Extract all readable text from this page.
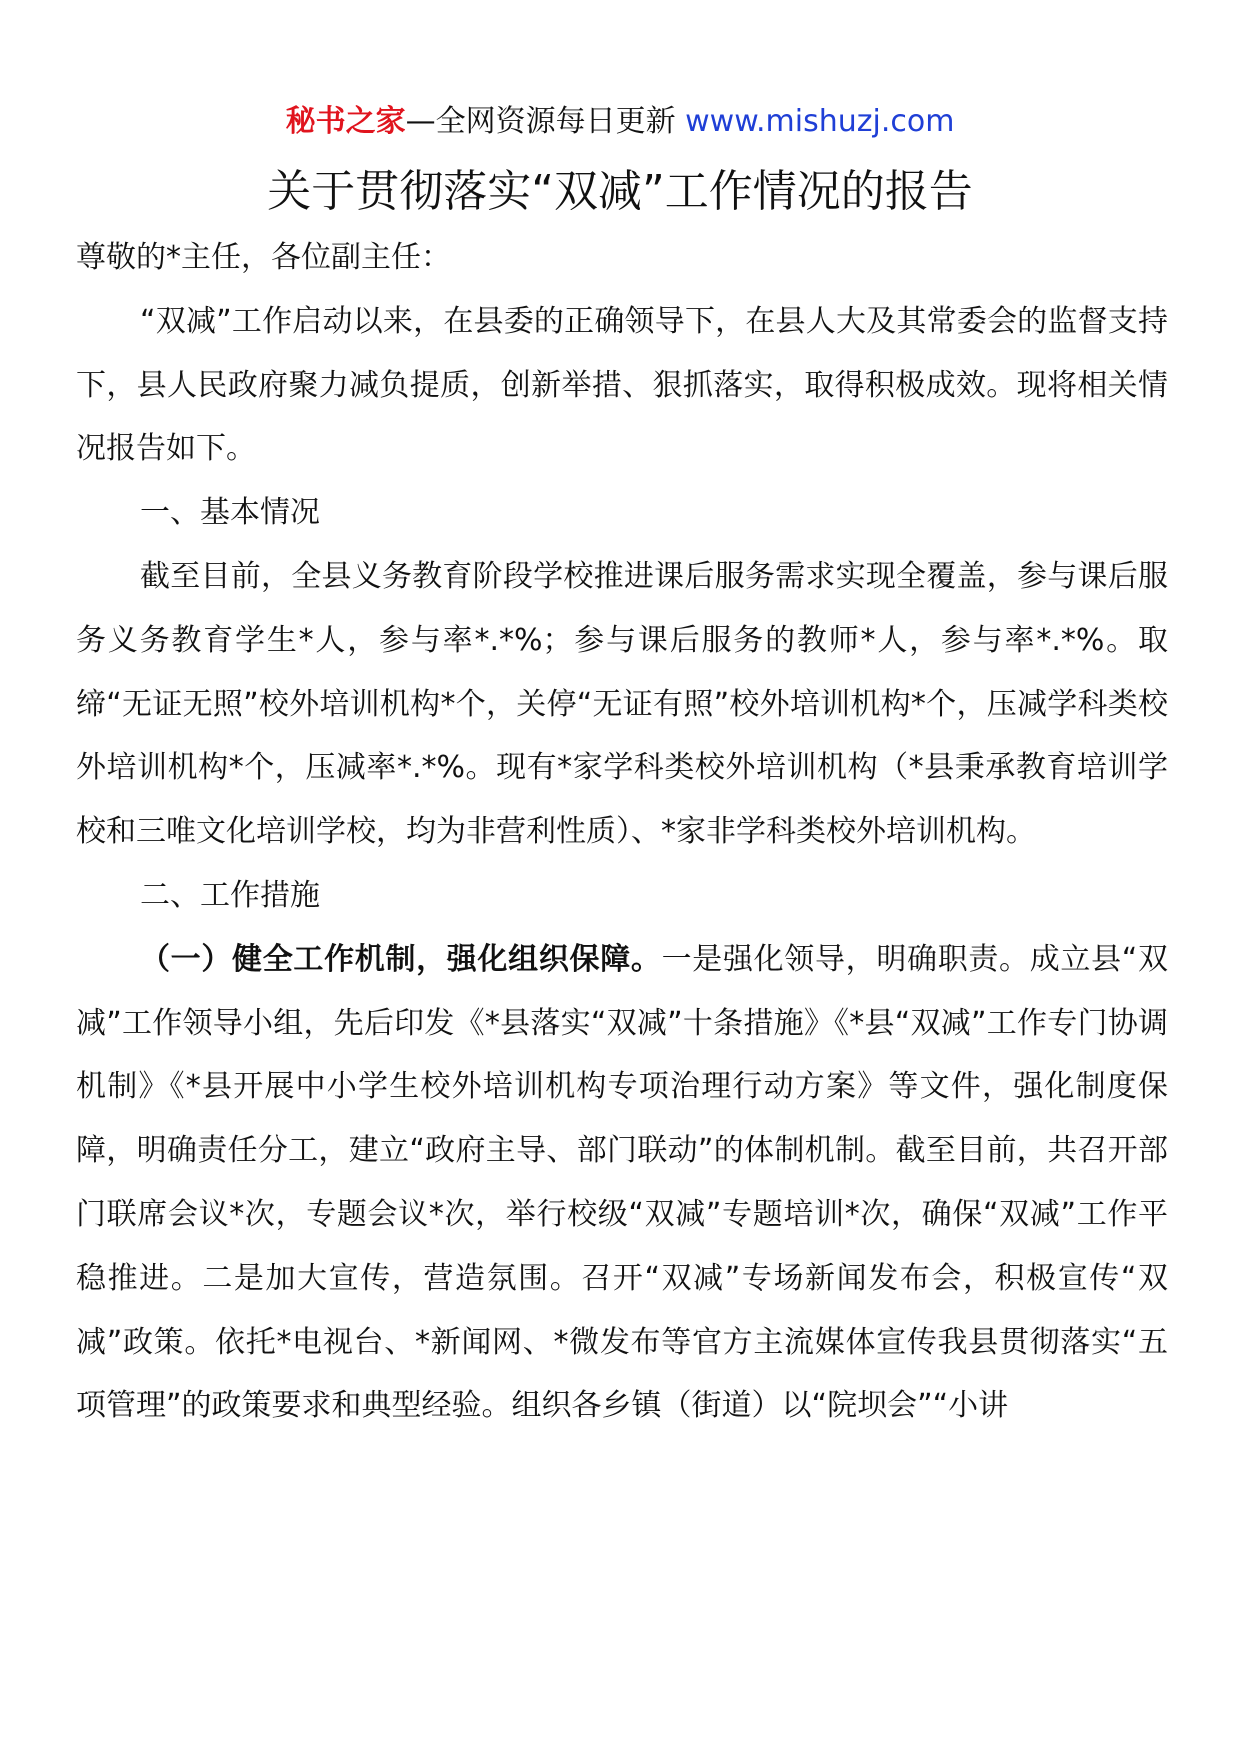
秘书之家—全网资源每日更新 www.mishuzj.com
关于贯彻落实“双减”工作情况的报告

尊敬的*主任，各位副主任：

“双减”工作启动以来，在县委的正确领导下，在县人大及其常委会的监督支持下，县人民政府聚力减负提质，创新举措、狠抓落实，取得积极成效。现将相关情况报告如下。

一、基本情况

截至目前，全县义务教育阶段学校推进课后服务需求实现全覆盖，参与课后服务义务教育学生*人，参与率*.*%；参与课后服务的教师*人，参与率*.*%。取缔“无证无照”校外培训机构*个，关停“无证有照”校外培训机构*个，压减学科类校外培训机构*个，压减率*.*%。现有*家学科类校外培训机构（*县秉承教育培训学校和三唯文化培训学校，均为非营利性质）、*家非学科类校外培训机构。

二、工作措施

（一）健全工作机制，强化组织保障。一是强化领导，明确职责。成立县“双减”工作领导小组，先后印发《*县落实“双减”十条措施》《*县“双减”工作专门协调机制》《*县开展中小学生校外培训机构专项治理行动方案》等文件，强化制度保障，明确责任分工，建立“政府主导、部门联动”的体制机制。截至目前，共召开部门联席会议*次，专题会议*次，举行校级“双减”专题培训*次，确保“双减”工作平稳推进。二是加大宣传，营造氛围。召开“双减”专场新闻发布会，积极宣传“双减”政策。依托*电视台、*新闻网、*微发布等官方主流媒体宣传我县贯彻落实“五项管理”的政策要求和典型经验。组织各乡镇（街道）以“院坝会”“小讲
